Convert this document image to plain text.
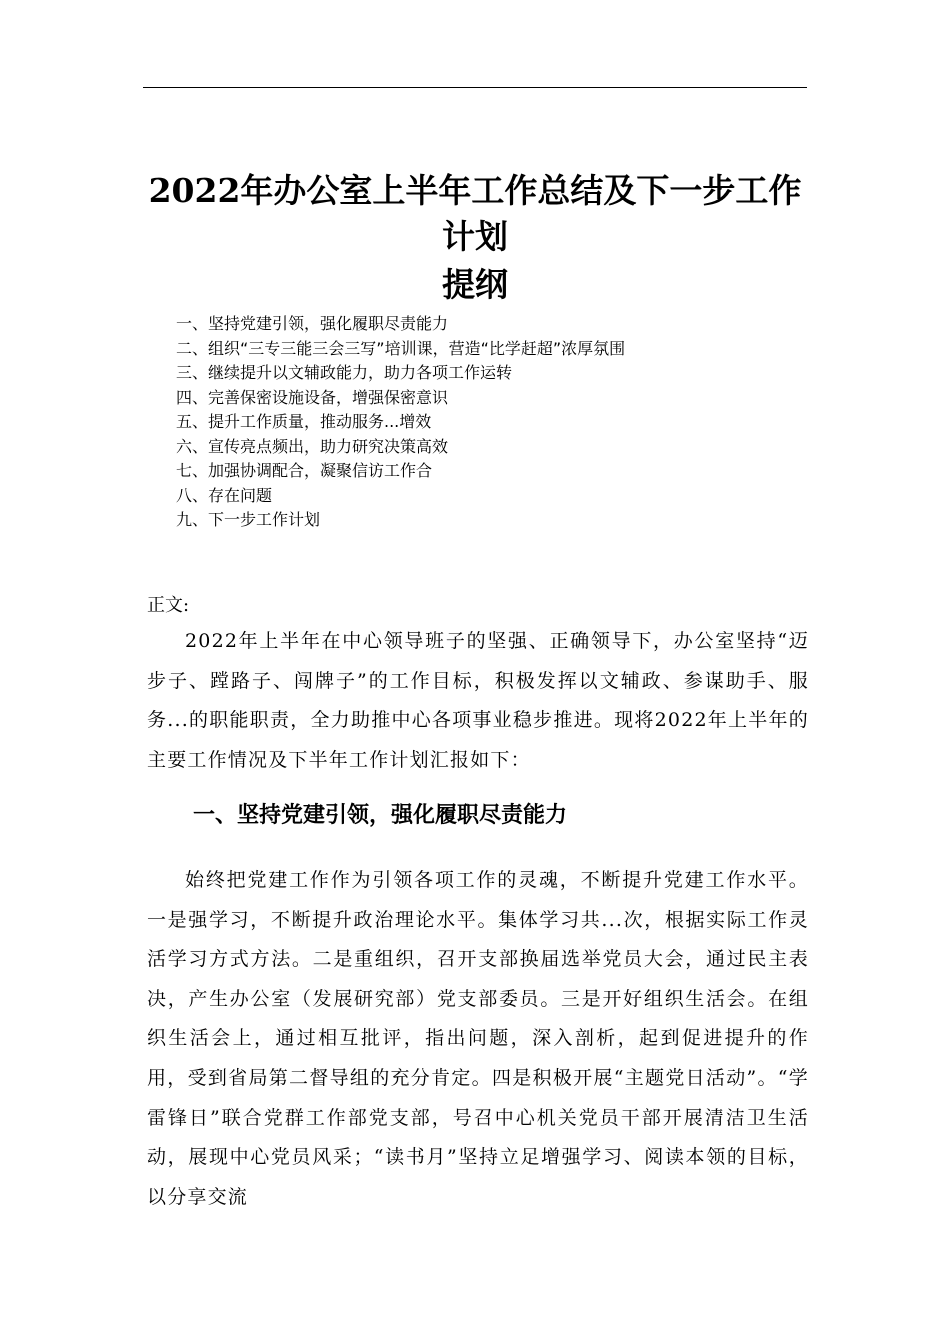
2022年办公室上半年工作总结及下一步工作计划
提纲
一、坚持党建引领，强化履职尽责能力
二、组织“三专三能三会三写”培训课，营造“比学赶超”浓厚氛围
三、继续提升以文辅政能力，助力各项工作运转
四、完善保密设施设备，增强保密意识
五、提升工作质量，推动服务...增效
六、宣传亮点频出，助力研究决策高效
七、加强协调配合，凝聚信访工作合
八、存在问题
九、下一步工作计划
正文:

2022年上半年在中心领导班子的坚强、正确领导下，办公室坚持“迈步子、蹚路子、闯牌子”的工作目标，积极发挥以文辅政、参谋助手、服务...的职能职责，全力助推中心各项事业稳步推进。现将2022年上半年的主要工作情况及下半年工作计划汇报如下：

一、坚持党建引领，强化履职尽责能力

始终把党建工作作为引领各项工作的灵魂，不断提升党建工作水平。一是强学习，不断提升政治理论水平。集体学习共...次，根据实际工作灵活学习方式方法。二是重组织，召开支部换届选举党员大会，通过民主表决，产生办公室（发展研究部）党支部委员。三是开好组织生活会。在组织生活会上，通过相互批评，指出问题，深入剖析，起到促进提升的作用，受到省局第二督导组的充分肯定。四是积极开展“主题党日活动”。“学雷锋日”联合党群工作部党支部，号召中心机关党员干部开展清洁卫生活动，展现中心党员风采；“读书月”坚持立足增强学习、阅读本领的目标，以分享交流
